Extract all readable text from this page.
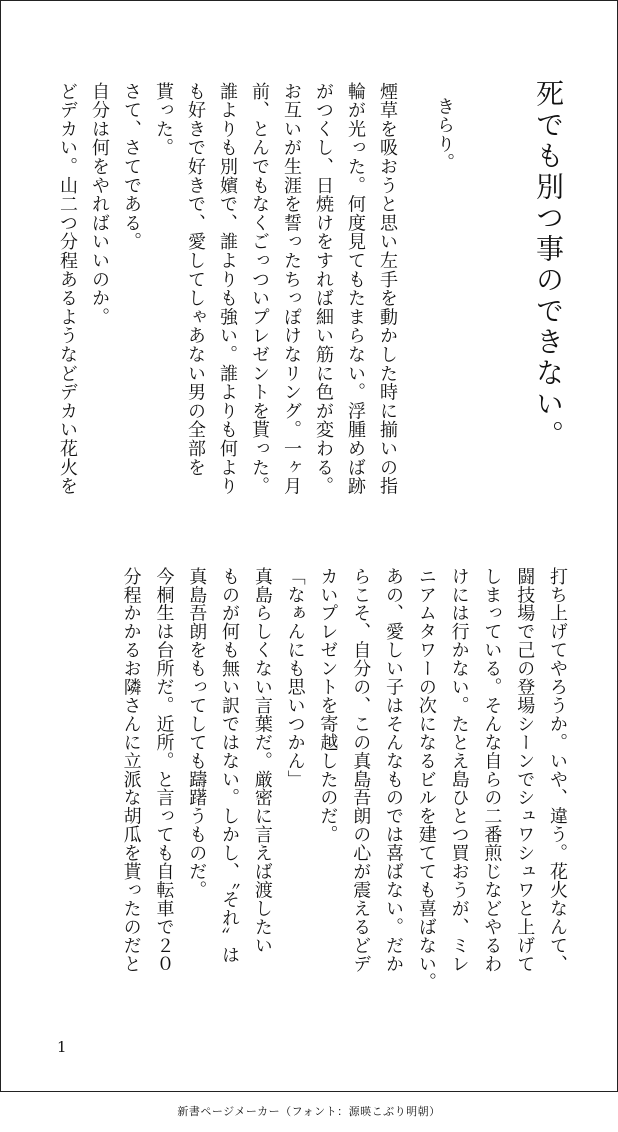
死でも別つ事のできない。
きらり。
煙草を吸おうと思い左手を動かした時に揃いの指
輪が光った。何度見てもたまらない。浮腫めば跡
がつくし、日焼けをすれば細い筋に色が変わる。
お互いが生涯を誓ったちっぽけなリング。一ヶ月
前、とんでもなくごっついプレゼントを貰った。
誰よりも別嬪で、誰よりも強い。誰よりも何より
も好きで好きで、愛してしゃあない男の全部を
貰った。
さて、さてである。
自分は何をやればいいのか。
どデカい。山二つ分程あるようなどデカい花火を
打ち上げてやろうか。いや、違う。花火なんて、
闘技場で己の登場シーンでシュワシュワと上げて
しまっている。そんな自らの二番煎じなどやるわ
けには行かない。たとえ島ひとつ買おうが、ミレ
ニアムタワーの次になるビルを建てても喜ばない。
あの、愛しい子はそんなものでは喜ばない。だか
らこそ、自分の、この真島吾朗の心が震えるどデ
カいプレゼントを寄越したのだ。
「なぁんにも思いつかん」
真島らしくない言葉だ。厳密に言えば渡したい
ものが何も無い訳ではない。しかし、〝それ〟は
真島吾朗をもってしても躊躇うものだ。
今桐生は台所だ。近所。と言っても自転車で２０
分程かかるお隣さんに立派な胡瓜を貰ったのだと
1
新書ページメーカー（フォント：源暎こぶり明朝）
